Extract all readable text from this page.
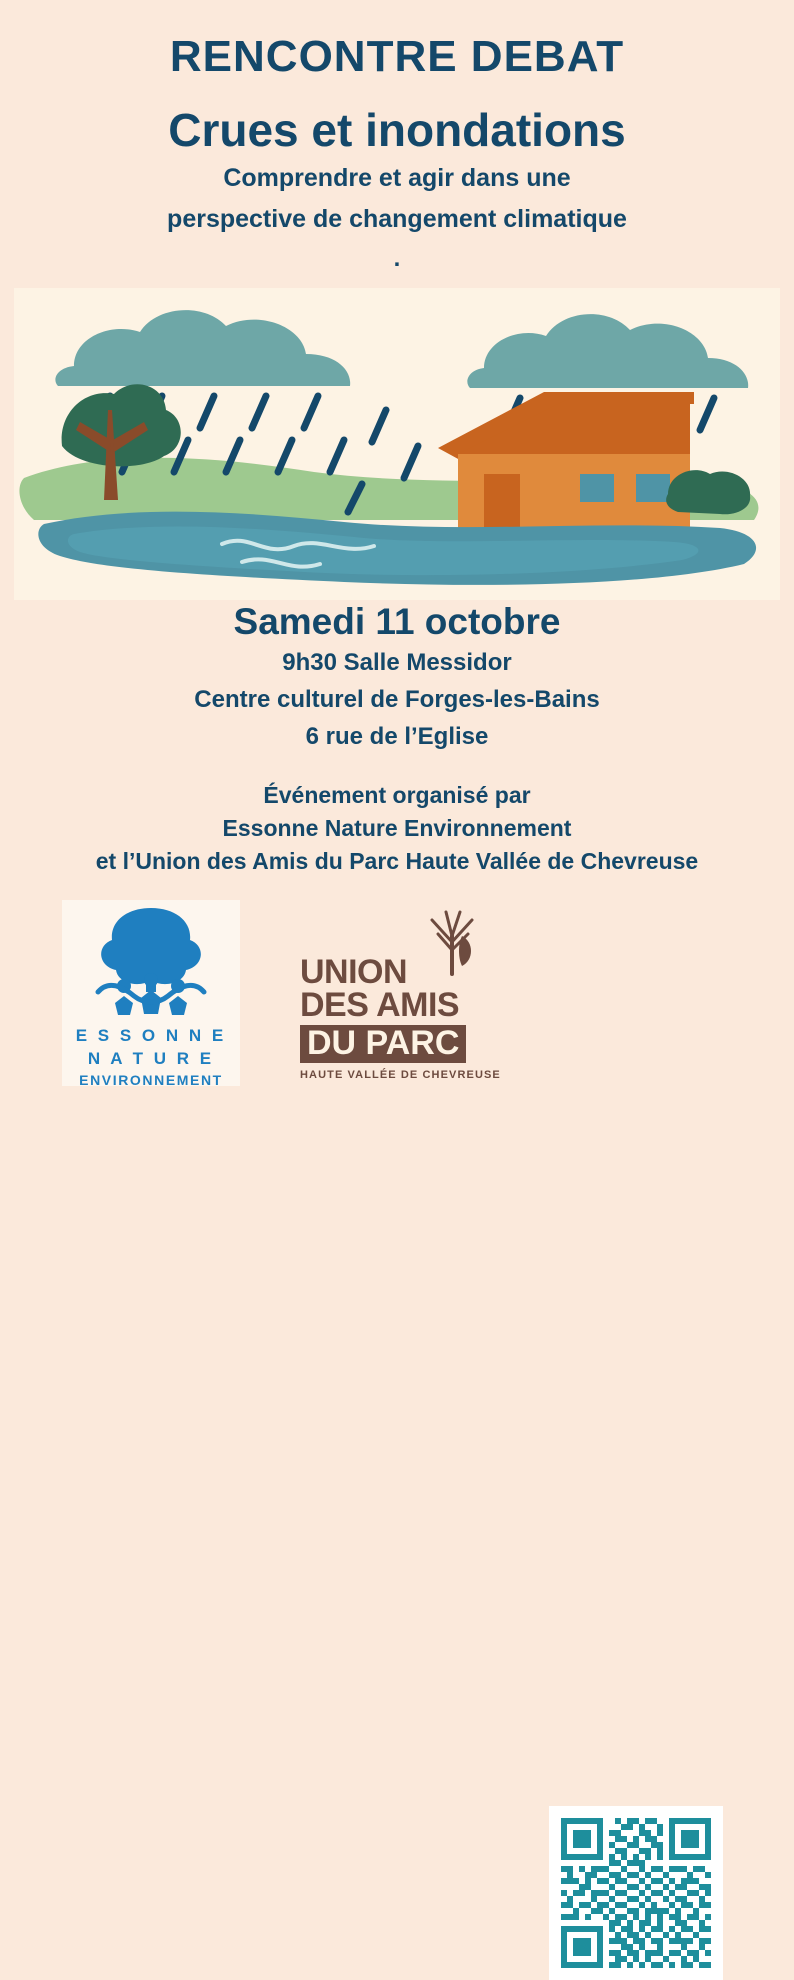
RENCONTRE DEBAT
Crues et inondations
Comprendre et agir dans une
perspective de changement climatique
.
Samedi 11 octobre
9h30 Salle Messidor
Centre culturel de Forges-les-Bains
6 rue de l’Eglise
Événement organisé par
Essonne Nature Environnement
et l’Union des Amis du Parc Haute Vallée de Chevreuse
E S S O N N E
N A T U R E
ENVIRONNEMENT
UNION
DES AMIS
DU PARC
HAUTE VALLÉE DE CHEVREUSE
